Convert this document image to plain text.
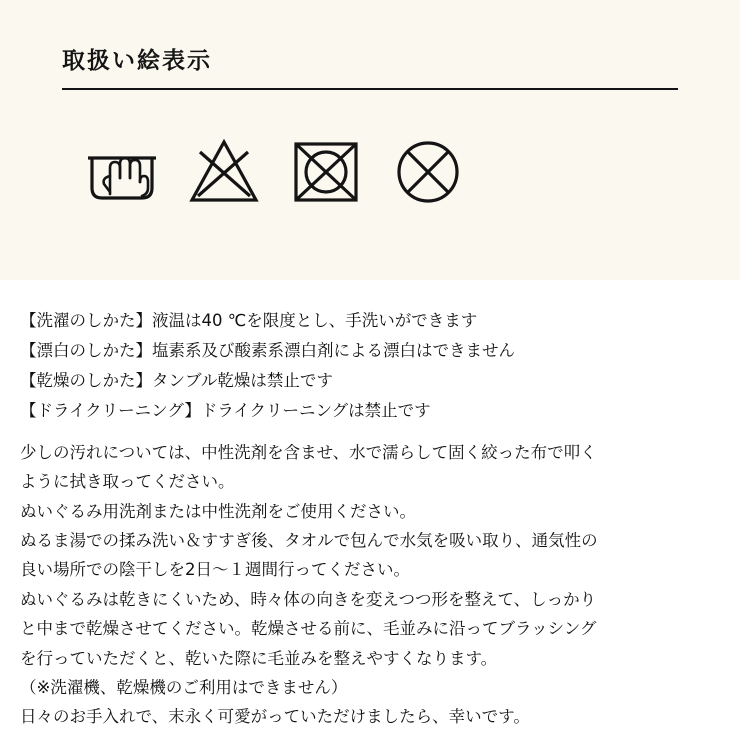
取扱い絵表示
【洗濯のしかた】液温は40 ℃を限度とし、手洗いができます
【漂白のしかた】塩素系及び酸素系漂白剤による漂白はできません
【乾燥のしかた】タンブル乾燥は禁止です
【ドライクリーニング】ドライクリーニングは禁止です

少しの汚れについては、中性洗剤を含ませ、水で濡らして固く絞った布で叩く

ように拭き取ってください。

ぬいぐるみ用洗剤または中性洗剤をご使用ください。

ぬるま湯での揉み洗い＆すすぎ後、タオルで包んで水気を吸い取り、通気性の

良い場所での陰干しを2日〜１週間行ってください。

ぬいぐるみは乾きにくいため、時々体の向きを変えつつ形を整えて、しっかり

と中まで乾燥させてください。乾燥させる前に、毛並みに沿ってブラッシング

を行っていただくと、乾いた際に毛並みを整えやすくなります。

（※洗濯機、乾燥機のご利用はできません）

日々のお手入れで、末永く可愛がっていただけましたら、幸いです。
